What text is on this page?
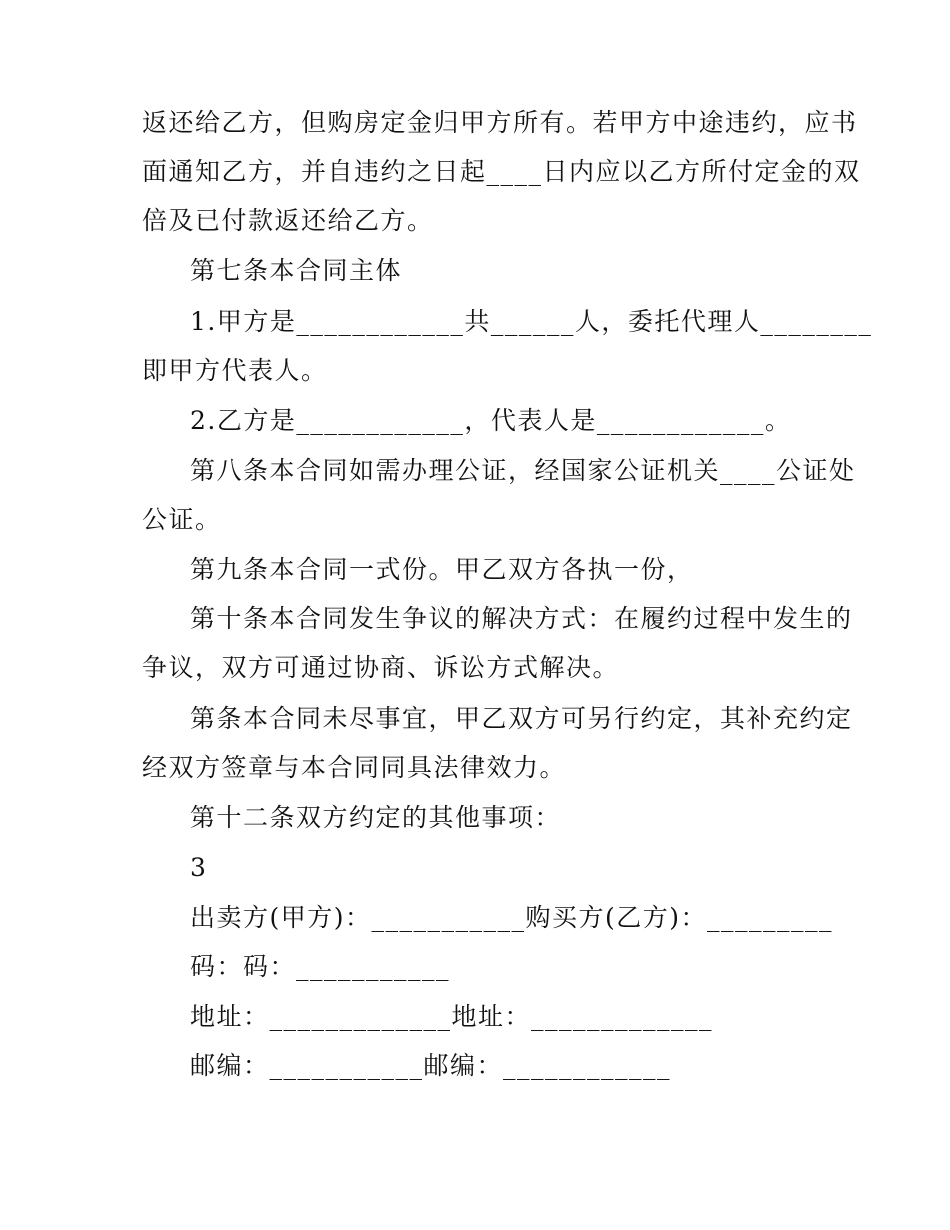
返还给乙方，但购房定金归甲方所有。若甲方中途违约，应书
面通知乙方，并自违约之日起____日内应以乙方所付定金的双
倍及已付款返还给乙方。
第七条本合同主体
1.甲方是____________共______人，委托代理人________
即甲方代表人。
2.乙方是____________，代表人是____________。
第八条本合同如需办理公证，经国家公证机关____公证处
公证。
第九条本合同一式份。甲乙双方各执一份，
第十条本合同发生争议的解决方式：在履约过程中发生的
争议，双方可通过协商、诉讼方式解决。
第条本合同未尽事宜，甲乙双方可另行约定，其补充约定
经双方签章与本合同同具法律效力。
第十二条双方约定的其他事项：
3
出卖方(甲方)：___________购买方(乙方)：_________
码：码：___________
地址：_____________地址：_____________
邮编：___________邮编：____________
